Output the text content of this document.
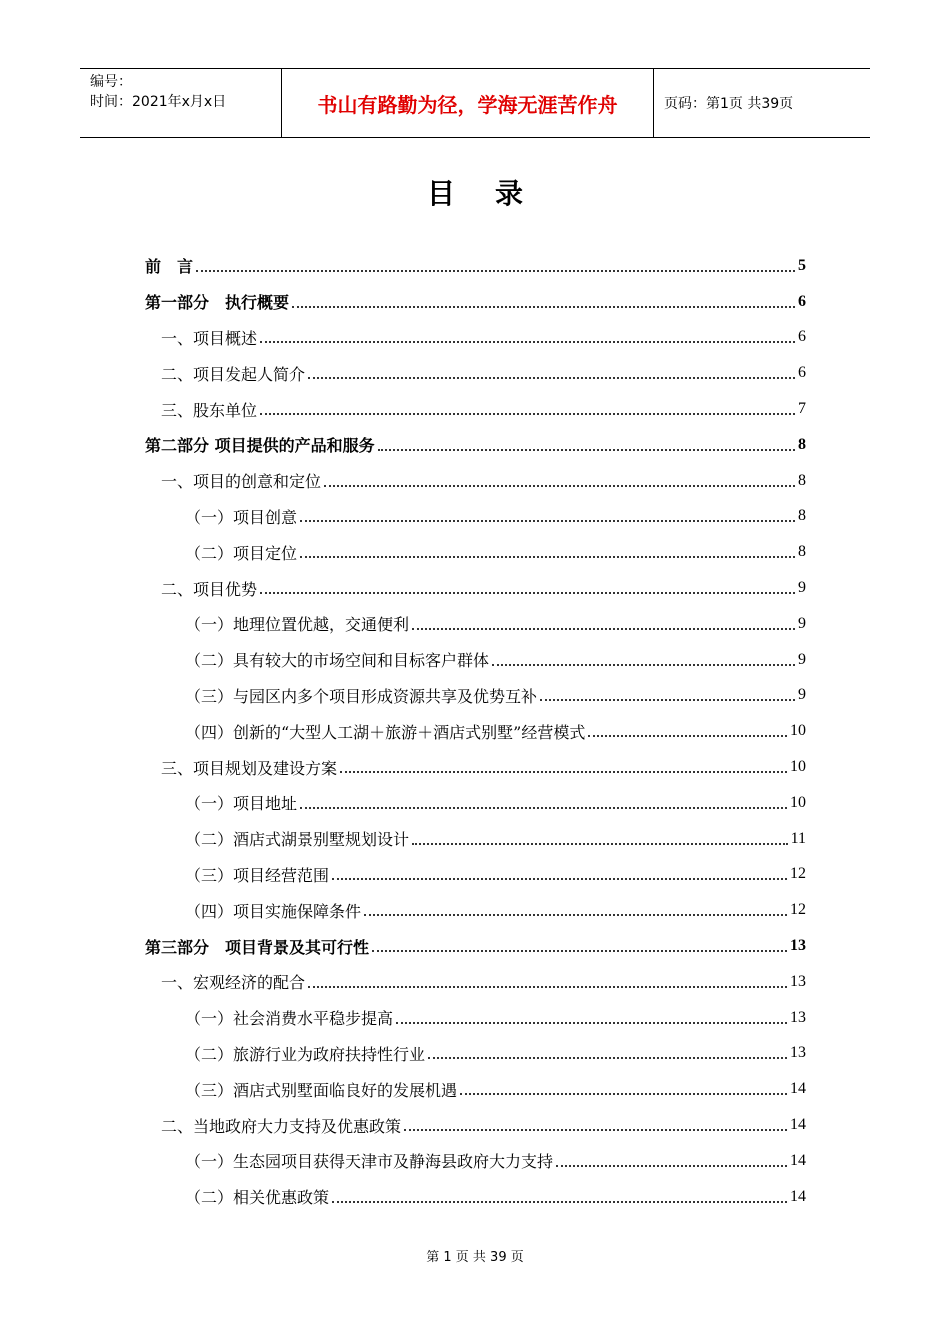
编号：
时间：2021年x月x日	书山有路勤为径，学海无涯苦作舟	页码：第1页 共39页
目录
前　言	5
第一部分　执行概要	6
一、项目概述	6
二、项目发起人简介	6
三、股东单位	7
第二部分 项目提供的产品和服务	8
一、项目的创意和定位	8
（一）项目创意	8
（二）项目定位	8
二、项目优势	9
（一）地理位置优越，交通便利	9
（二）具有较大的市场空间和目标客户群体	9
（三）与园区内多个项目形成资源共享及优势互补	9
（四）创新的“大型人工湖＋旅游＋酒店式别墅”经营模式	10
三、项目规划及建设方案	10
（一）项目地址	10
（二）酒店式湖景别墅规划设计	11
（三）项目经营范围	12
（四）项目实施保障条件	12
第三部分　项目背景及其可行性	13
一、宏观经济的配合	13
（一）社会消费水平稳步提高	13
（二）旅游行业为政府扶持性行业	13
（三）酒店式别墅面临良好的发展机遇	14
二、当地政府大力支持及优惠政策	14
（一）生态园项目获得天津市及静海县政府大力支持	14
（二）相关优惠政策	14
第 1 页 共 39 页
